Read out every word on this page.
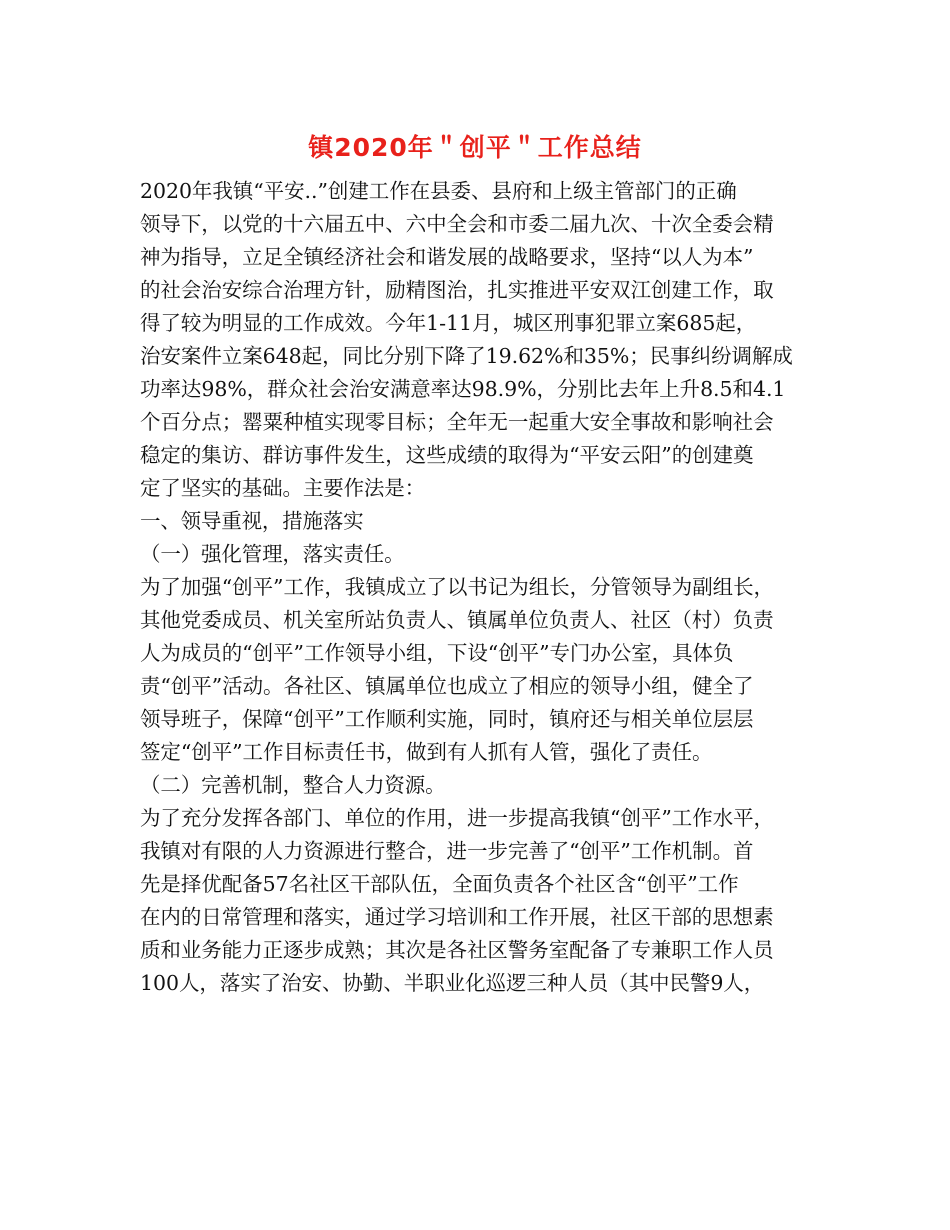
镇2020年＂创平＂工作总结
2020年我镇“平安..”创建工作在县委、县府和上级主管部门的正确
领导下，以党的十六届五中、六中全会和市委二届九次、十次全委会精
神为指导，立足全镇经济社会和谐发展的战略要求，坚持“以人为本”
的社会治安综合治理方针，励精图治，扎实推进平安双江创建工作，取
得了较为明显的工作成效。今年1-11月，城区刑事犯罪立案685起，
治安案件立案648起，同比分别下降了19.62%和35%；民事纠纷调解成
功率达98%，群众社会治安满意率达98.9%，分别比去年上升8.5和4.1
个百分点；罂粟种植实现零目标；全年无一起重大安全事故和影响社会
稳定的集访、群访事件发生，这些成绩的取得为“平安云阳”的创建奠
定了坚实的基础。主要作法是：
一、领导重视，措施落实
（一）强化管理，落实责任。
为了加强“创平”工作，我镇成立了以书记为组长，分管领导为副组长，
其他党委成员、机关室所站负责人、镇属单位负责人、社区（村）负责
人为成员的“创平”工作领导小组，下设“创平”专门办公室，具体负
责“创平”活动。各社区、镇属单位也成立了相应的领导小组，健全了
领导班子，保障“创平”工作顺利实施，同时，镇府还与相关单位层层
签定“创平”工作目标责任书，做到有人抓有人管，强化了责任。
（二）完善机制，整合人力资源。
为了充分发挥各部门、单位的作用，进一步提高我镇“创平”工作水平，
我镇对有限的人力资源进行整合，进一步完善了“创平”工作机制。首
先是择优配备57名社区干部队伍，全面负责各个社区含“创平”工作
在内的日常管理和落实，通过学习培训和工作开展，社区干部的思想素
质和业务能力正逐步成熟；其次是各社区警务室配备了专兼职工作人员
100人，落实了治安、协勤、半职业化巡逻三种人员（其中民警9人，
